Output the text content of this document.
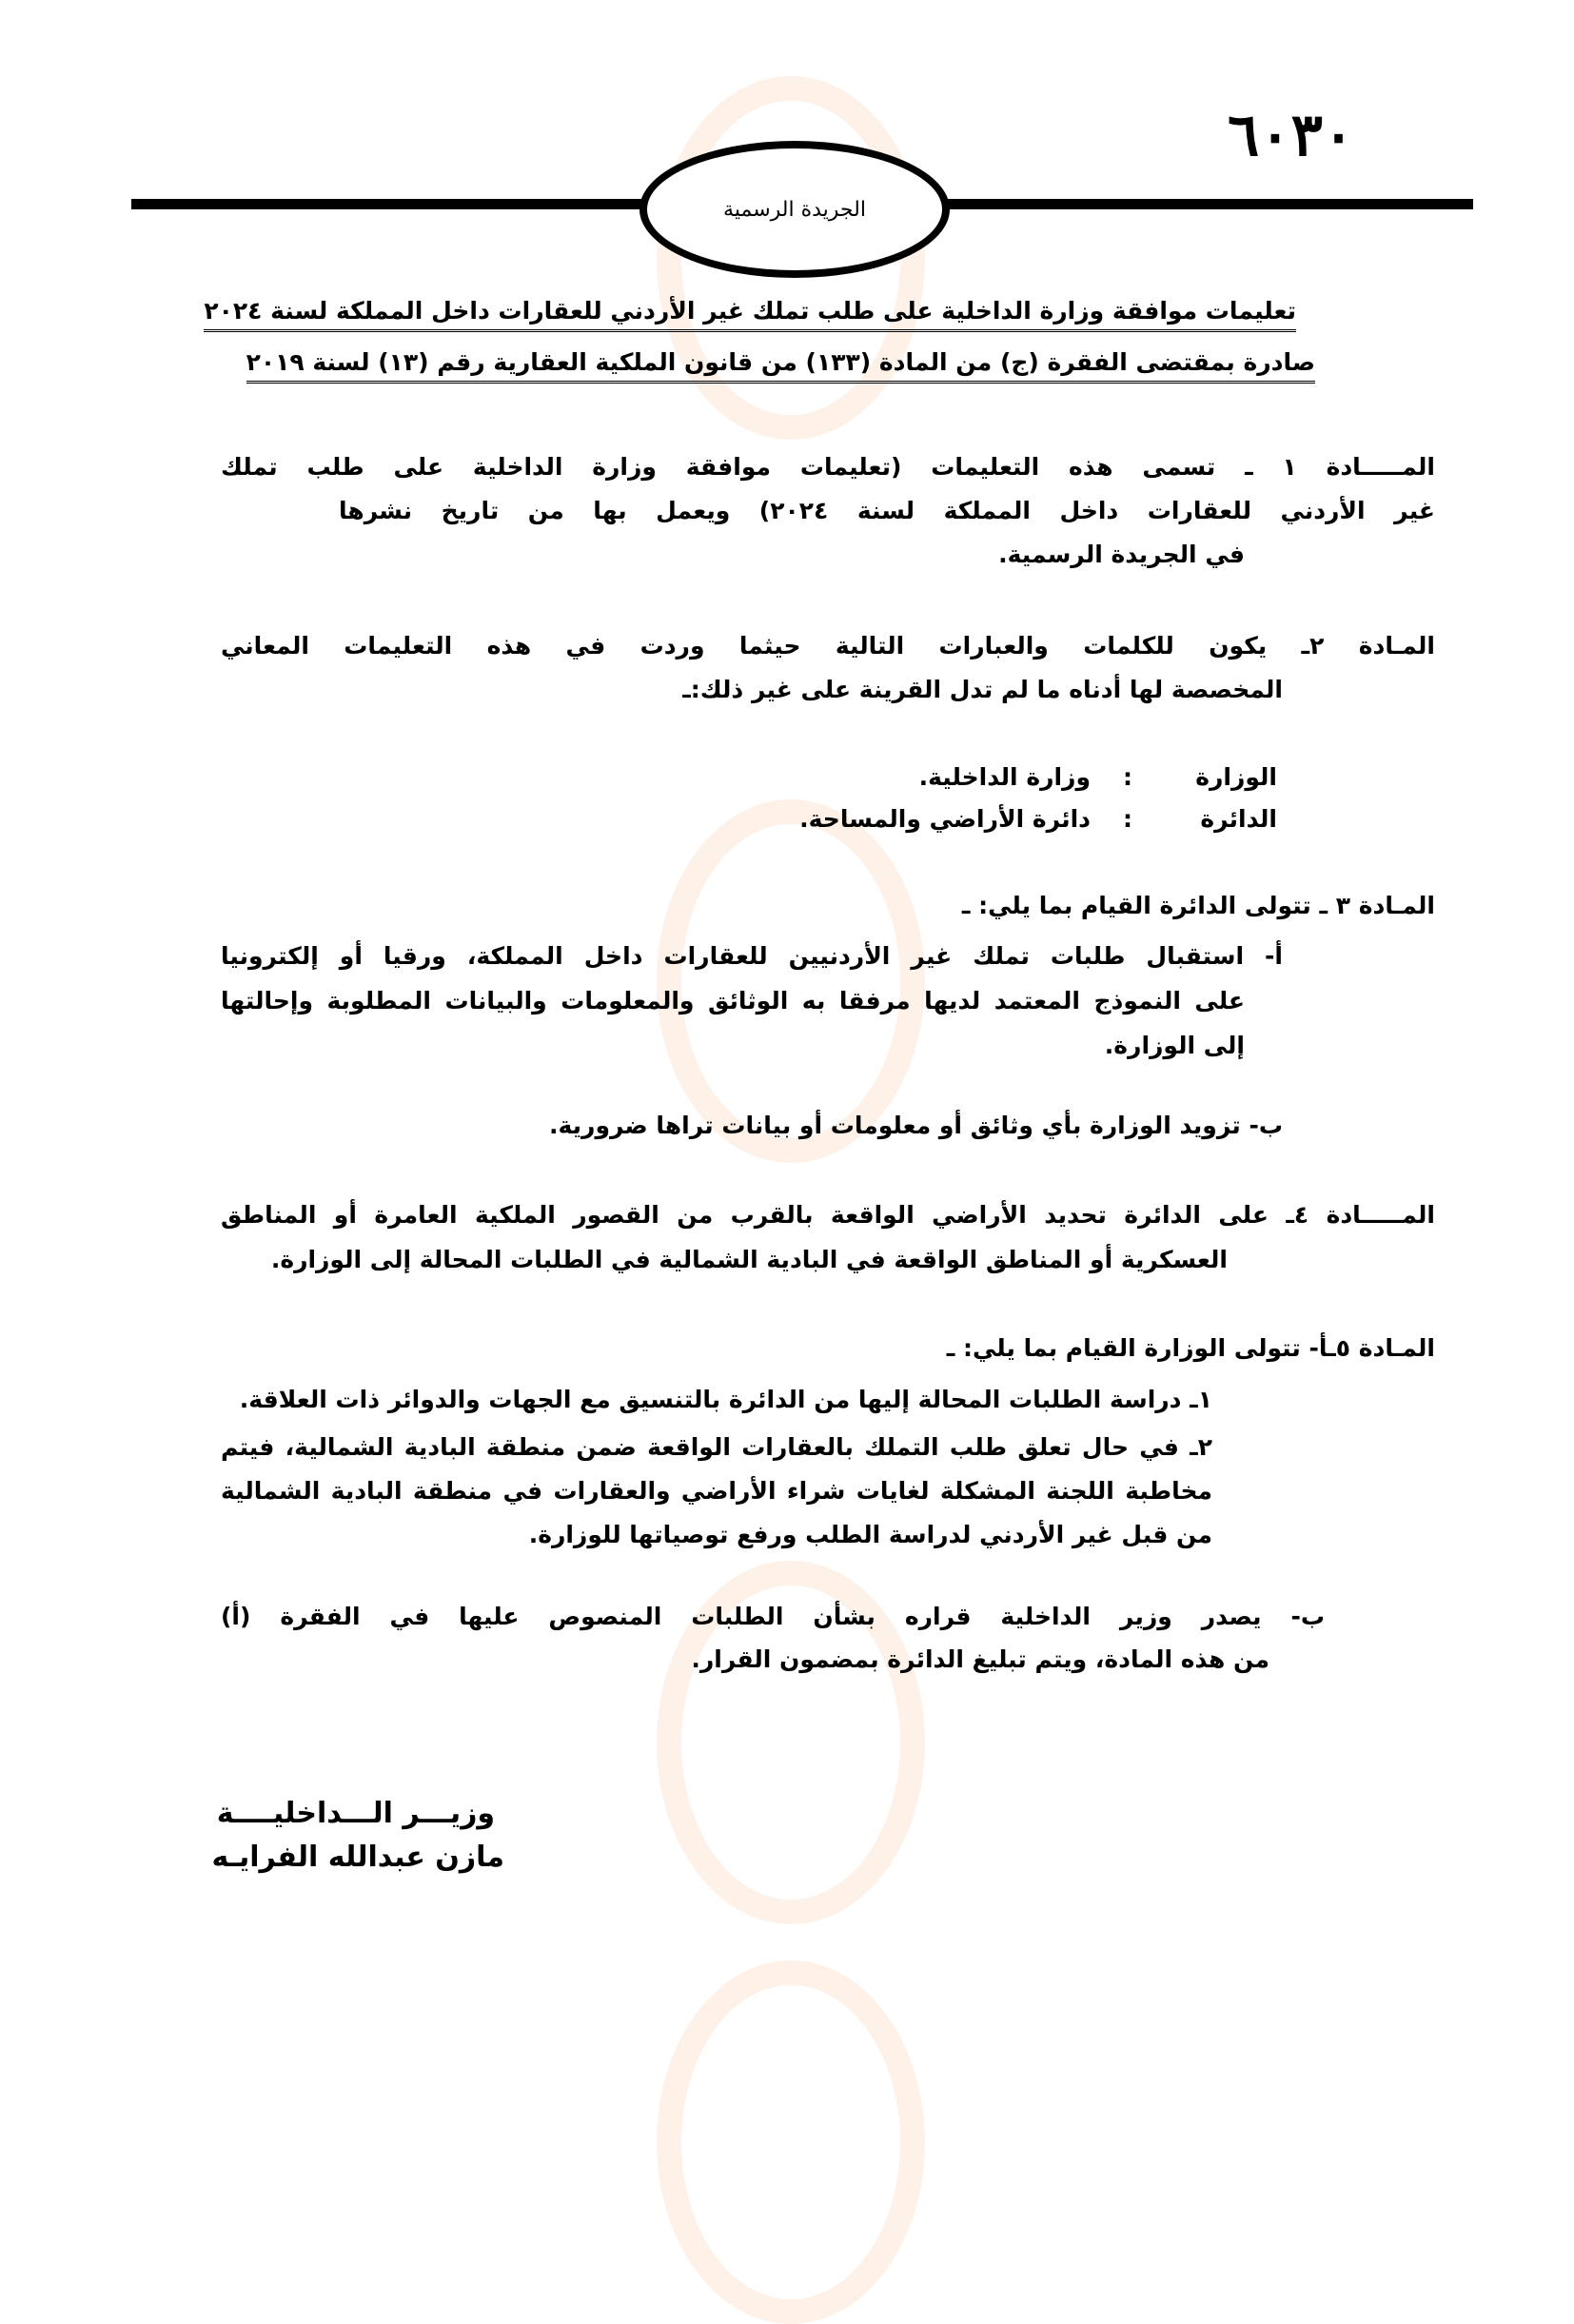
٦٠٣٠
الجريدة الرسمية
تعليمات موافقة وزارة الداخلية على طلب تملك غير الأردني للعقارات داخل المملكة لسنة ٢٠٢٤
صادرة بمقتضى الفقرة (ج) من المادة (١٣٣) من قانون الملكية العقارية رقم (١٣) لسنة ٢٠١٩
المـــــادة ١ ـ تسمى هذه التعليمات (تعليمات موافقة وزارة الداخلية على طلب تملك
غير الأردني للعقارات داخل المملكة لسنة ٢٠٢٤) ويعمل بها من تاريخ نشرها
في الجريدة الرسمية.
المـادة ٢ـ يكون للكلمات والعبارات التالية حيثما وردت في هذه التعليمات المعاني
المخصصة لها أدناه ما لم تدل القرينة على غير ذلك:ـ
الوزارة
:
وزارة الداخلية.
الدائرة
:
دائرة الأراضي والمساحة.
المـادة ٣ ـ تتولى الدائرة القيام بما يلي: ـ
أ- استقبال طلبات تملك غير الأردنيين للعقارات داخل المملكة، ورقيا أو إلكترونيا
على النموذج المعتمد لديها مرفقا به الوثائق والمعلومات والبيانات المطلوبة وإحالتها
إلى الوزارة.
ب- تزويد الوزارة بأي وثائق أو معلومات أو بيانات تراها ضرورية.
المـــــادة ٤ـ على الدائرة تحديد الأراضي الواقعة بالقرب من القصور الملكية العامرة أو المناطق
العسكرية أو المناطق الواقعة في البادية الشمالية في الطلبات المحالة إلى الوزارة.
المـادة ٥ـأ- تتولى الوزارة القيام بما يلي: ـ
١ـ دراسة الطلبات المحالة إليها من الدائرة بالتنسيق مع الجهات والدوائر ذات العلاقة.
٢ـ في حال تعلق طلب التملك بالعقارات الواقعة ضمن منطقة البادية الشمالية، فيتم
مخاطبة اللجنة المشكلة لغايات شراء الأراضي والعقارات في منطقة البادية الشمالية
من قبل غير الأردني لدراسة الطلب ورفع توصياتها للوزارة.
ب- يصدر وزير الداخلية قراره بشأن الطلبات المنصوص عليها في الفقرة (أ)
من هذه المادة، ويتم تبليغ الدائرة بمضمون القرار.
وزيـــر الـــداخليــــة
مازن عبدالله الفرايـه
